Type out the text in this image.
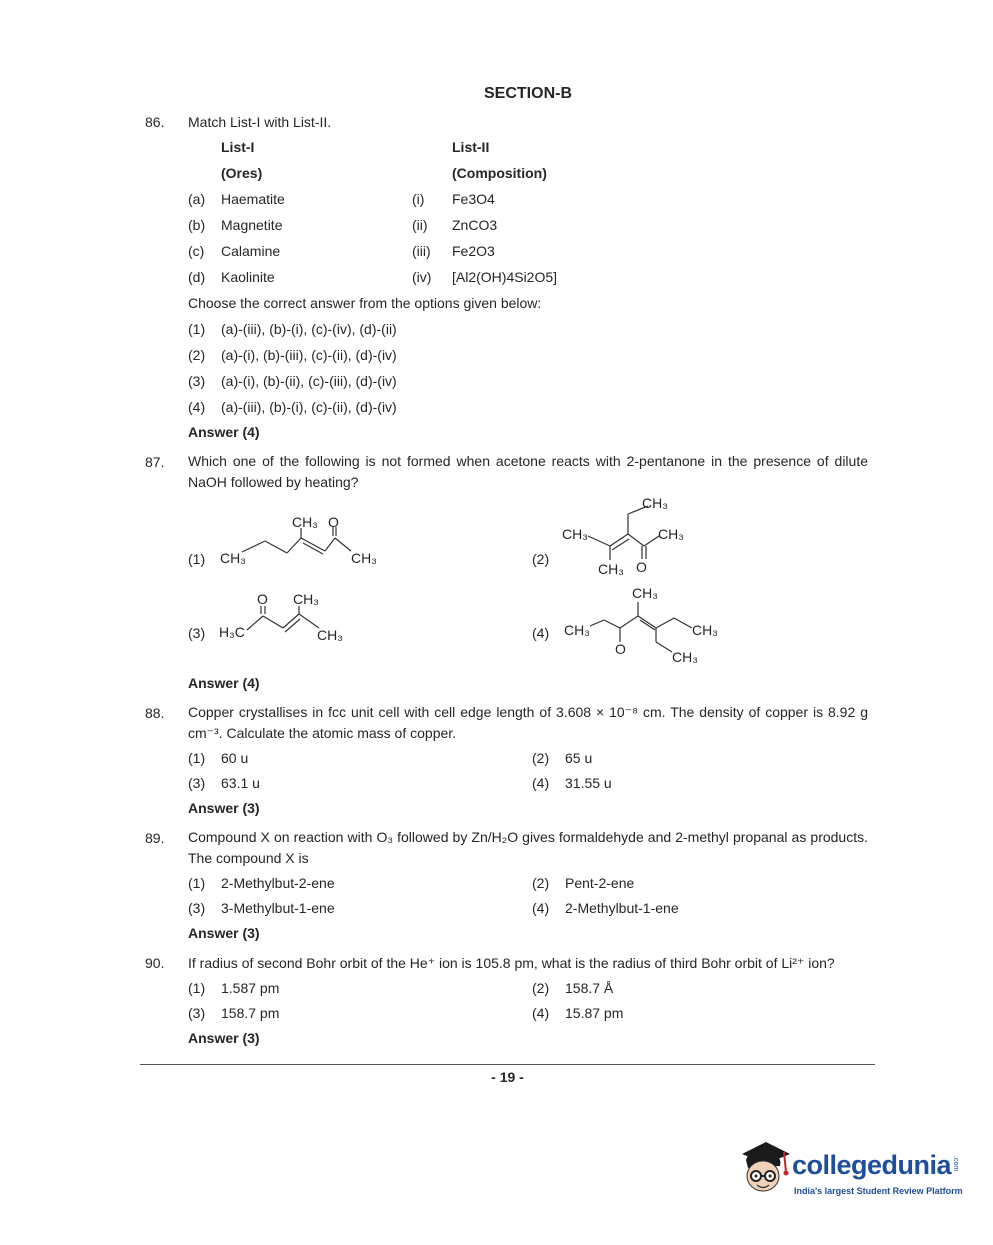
SECTION-B
86. Match List-I with List-II.
List-I	List-II
(Ores)	(Composition)
(a) Haematite	(i) Fe3O4
(b) Magnetite	(ii) ZnCO3
(c) Calamine	(iii) Fe2O3
(d) Kaolinite	(iv) [Al2(OH)4Si2O5]
Choose the correct answer from the options given below:
(1) (a)-(iii), (b)-(i), (c)-(iv), (d)-(ii)
(2) (a)-(i), (b)-(iii), (c)-(ii), (d)-(iv)
(3) (a)-(i), (b)-(ii), (c)-(iii), (d)-(iv)
(4) (a)-(iii), (b)-(i), (c)-(ii), (d)-(iv)
Answer (4)
87. Which one of the following is not formed when acetone reacts with 2-pentanone in the presence of dilute NaOH followed by heating?
(1)	(2)
(3)	(4)
CH₃
CH₃ O
CH₃
CH₃
CH₃	CH₃
CH₃ O
O CH₃
H₃C	CH₃
CH₃
CH₃	CH₃
O	CH₃
Answer (4)
88. Copper crystallises in fcc unit cell with cell edge length of 3.608 × 10⁻⁸ cm. The density of copper is 8.92 g cm⁻³. Calculate the atomic mass of copper.
(1) 60 u	(2) 65 u
(3) 63.1 u	(4) 31.55 u
Answer (3)
89. Compound X on reaction with O₃ followed by Zn/H₂O gives formaldehyde and 2-methyl propanal as products. The compound X is
(1) 2-Methylbut-2-ene	(2) Pent-2-ene
(3) 3-Methylbut-1-ene	(4) 2-Methylbut-1-ene
Answer (3)
90. If radius of second Bohr orbit of the He⁺ ion is 105.8 pm, what is the radius of third Bohr orbit of Li²⁺ ion?
(1) 1.587 pm	(2) 158.7 Å
(3) 158.7 pm	(4) 15.87 pm
Answer (3)
- 19 -
collegedunia .com
India's largest Student Review Platform
